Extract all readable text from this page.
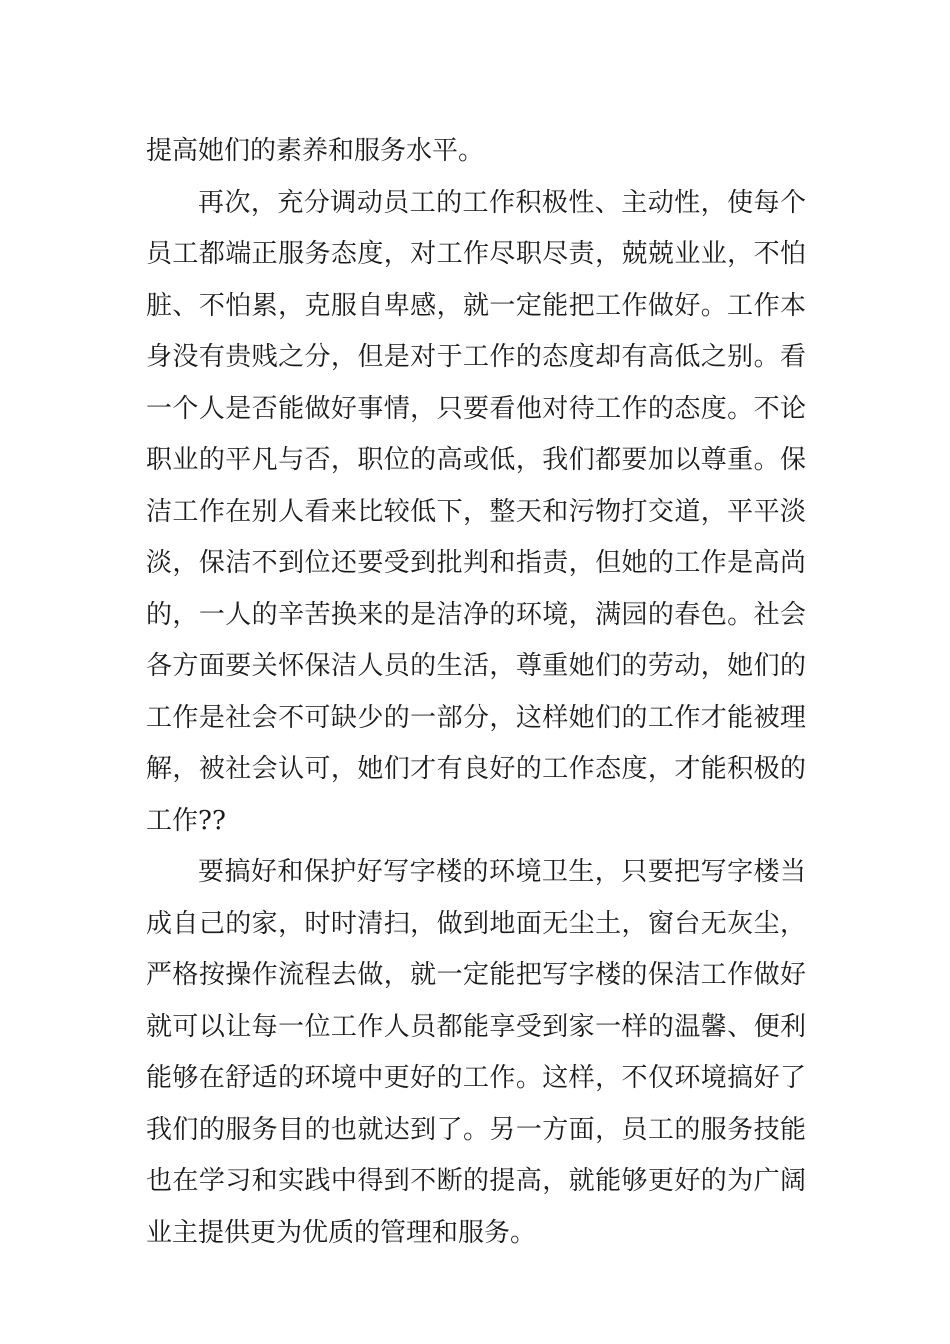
提高她们的素养和服务水平。
再次，充分调动员工的工作积极性、主动性，使每个
员工都端正服务态度，对工作尽职尽责，兢兢业业，不怕
脏、不怕累，克服自卑感，就一定能把工作做好。工作本
身没有贵贱之分，但是对于工作的态度却有高低之别。看
一个人是否能做好事情，只要看他对待工作的态度。不论
职业的平凡与否，职位的高或低，我们都要加以尊重。保
洁工作在别人看来比较低下，整天和污物打交道，平平淡
淡，保洁不到位还要受到批判和指责，但她的工作是高尚
的，一人的辛苦换来的是洁净的环境，满园的春色。社会
各方面要关怀保洁人员的生活，尊重她们的劳动，她们的
工作是社会不可缺少的一部分，这样她们的工作才能被理
解，被社会认可，她们才有良好的工作态度，才能积极的
工作??
要搞好和保护好写字楼的环境卫生，只要把写字楼当
成自己的家，时时清扫，做到地面无尘土，窗台无灰尘，
严格按操作流程去做，就一定能把写字楼的保洁工作做好
就可以让每一位工作人员都能享受到家一样的温馨、便利
能够在舒适的环境中更好的工作。这样，不仅环境搞好了
我们的服务目的也就达到了。另一方面，员工的服务技能
也在学习和实践中得到不断的提高，就能够更好的为广阔
业主提供更为优质的管理和服务。
